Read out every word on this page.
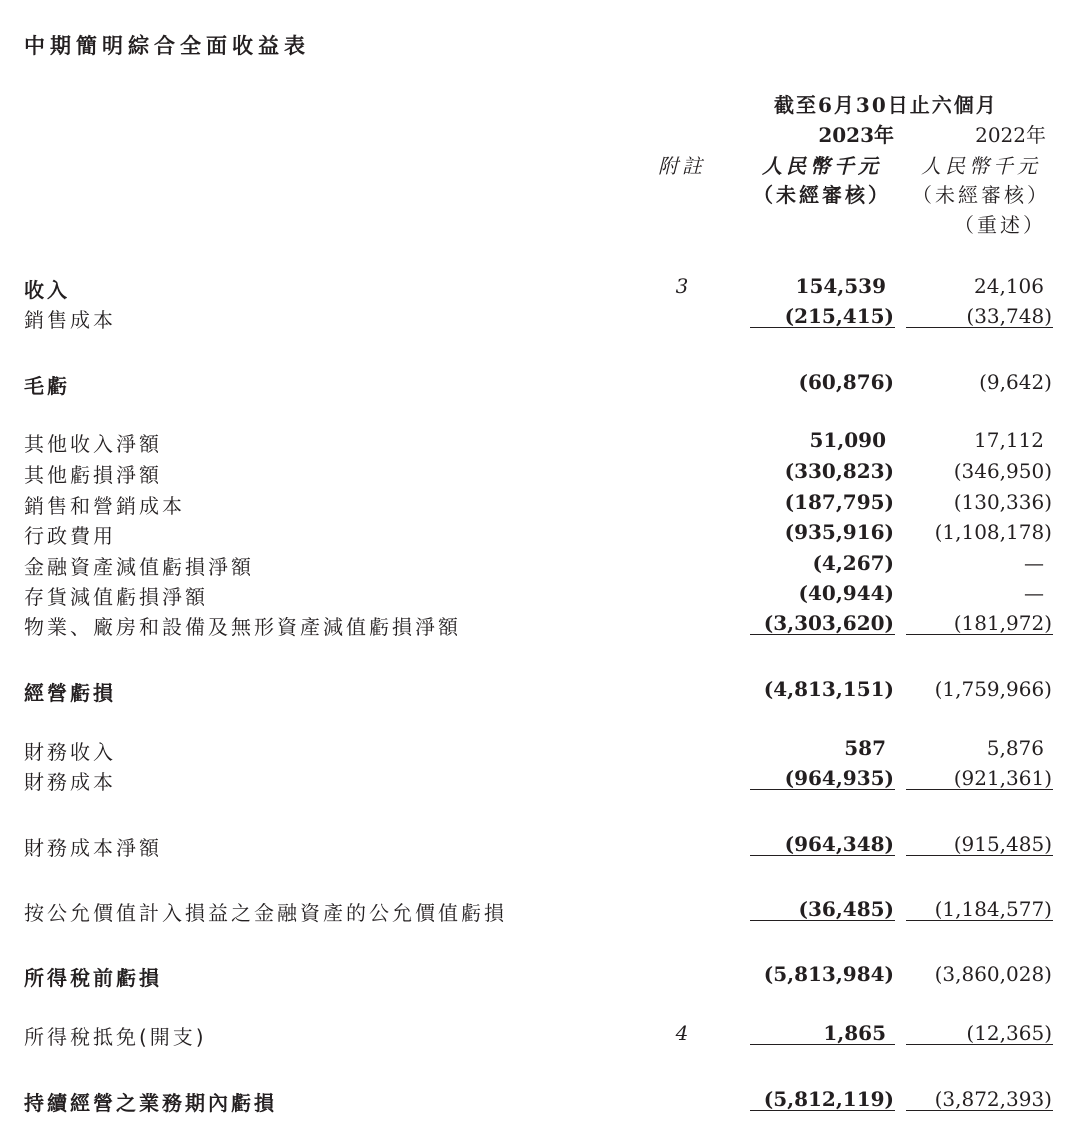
中期簡明綜合全面收益表
截至6月30日止六個月
2023年	2022年
附註	人民幣千元	人民幣千元
（未經審核）	（未經審核）
（重述）
收入	3	154,539	24,106
銷售成本	(215,415)	(33,748)
毛虧	(60,876)	(9,642)
其他收入淨額	51,090	17,112
其他虧損淨額	(330,823)	(346,950)
銷售和營銷成本	(187,795)	(130,336)
行政費用	(935,916) (1,108,178)
金融資產減值虧損淨額	(4,267)	—
存貨減值虧損淨額	(40,944)	—
物業、廠房和設備及無形資產減值虧損淨額	(3,303,620)	(181,972)
經營虧損	(4,813,151) (1,759,966)
財務收入	587	5,876
財務成本	(964,935)	(921,361)
財務成本淨額	(964,348)	(915,485)
按公允價值計入損益之金融資產的公允價值虧損	(36,485) (1,184,577)
所得稅前虧損	(5,813,984) (3,860,028)
所得稅抵免(開支)	4	1,865	(12,365)
持續經營之業務期內虧損	(5,812,119) (3,872,393)
